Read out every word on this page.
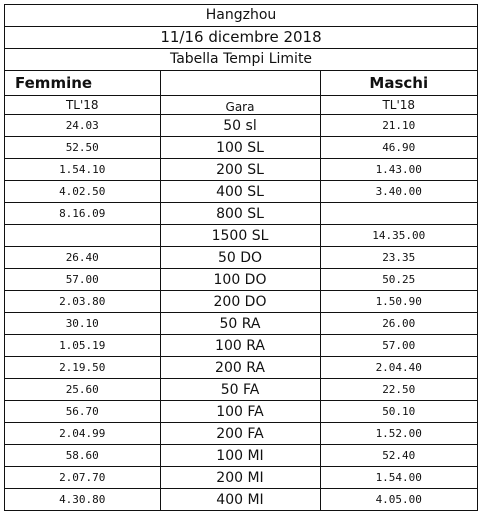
Hangzhou
11/16 dicembre 2018
Tabella Tempi Limite
Femmine		Maschi
TL'18	Gara	TL'18
24.03	50 sl	21.10
52.50	100 SL	46.90
1.54.10	200 SL	1.43.00
4.02.50	400 SL	3.40.00
8.16.09	800 SL	
	1500 SL	14.35.00
26.40	50 DO	23.35
57.00	100 DO	50.25
2.03.80	200 DO	1.50.90
30.10	50 RA	26.00
1.05.19	100 RA	57.00
2.19.50	200 RA	2.04.40
25.60	50 FA	22.50
56.70	100 FA	50.10
2.04.99	200 FA	1.52.00
58.60	100 MI	52.40
2.07.70	200 MI	1.54.00
4.30.80	400 MI	4.05.00
